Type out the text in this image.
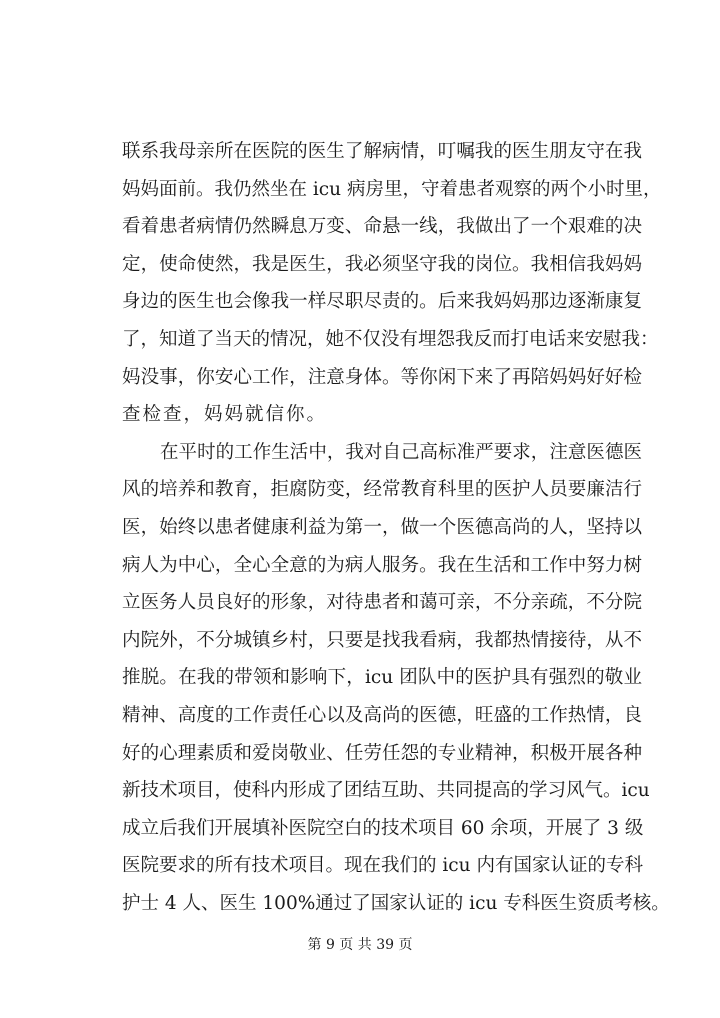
联系我母亲所在医院的医生了解病情，叮嘱我的医生朋友守在我
妈妈面前。我仍然坐在 icu 病房里，守着患者观察的两个小时里，
看着患者病情仍然瞬息万变、命悬一线，我做出了一个艰难的决
定，使命使然，我是医生，我必须坚守我的岗位。我相信我妈妈
身边的医生也会像我一样尽职尽责的。后来我妈妈那边逐渐康复
了，知道了当天的情况，她不仅没有埋怨我反而打电话来安慰我：
妈没事，你安心工作，注意身体。等你闲下来了再陪妈妈好好检
查检查，妈妈就信你。
在平时的工作生活中，我对自己高标准严要求，注意医德医
风的培养和教育，拒腐防变，经常教育科里的医护人员要廉洁行
医，始终以患者健康利益为第一，做一个医德高尚的人，坚持以
病人为中心，全心全意的为病人服务。我在生活和工作中努力树
立医务人员良好的形象，对待患者和蔼可亲，不分亲疏，不分院
内院外，不分城镇乡村，只要是找我看病，我都热情接待，从不
推脱。在我的带领和影响下，icu 团队中的医护具有强烈的敬业
精神、高度的工作责任心以及高尚的医德，旺盛的工作热情，良
好的心理素质和爱岗敬业、任劳任怨的专业精神，积极开展各种
新技术项目，使科内形成了团结互助、共同提高的学习风气。icu
成立后我们开展填补医院空白的技术项目 60 余项，开展了 3 级
医院要求的所有技术项目。现在我们的 icu 内有国家认证的专科
护士 4 人、医生 100%通过了国家认证的 icu 专科医生资质考核。
第 9 页 共 39 页
